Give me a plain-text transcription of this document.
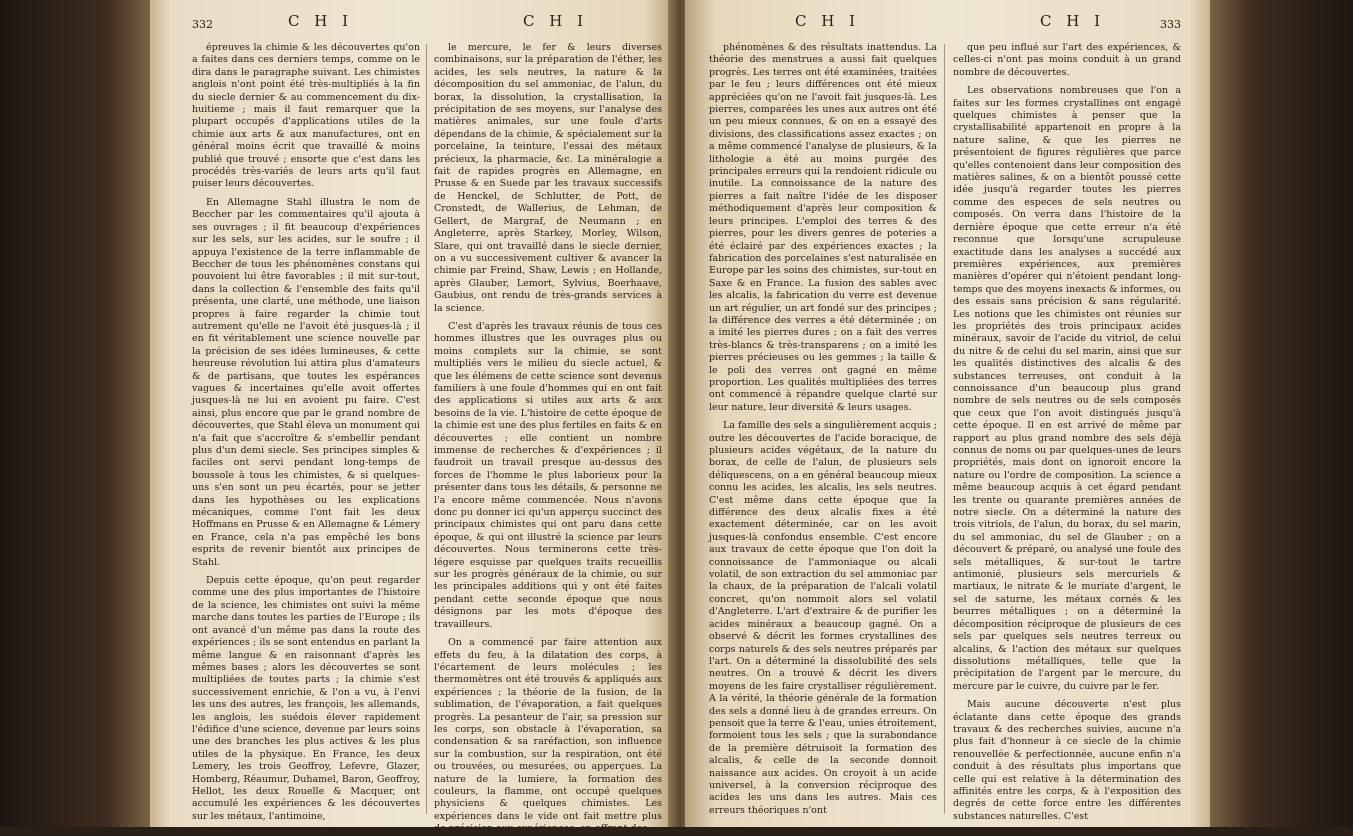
332	C H I	C H I

épreuves la chimie & les découvertes qu'on a faites dans ces derniers temps, comme on le dira dans le paragraphe suivant. Les chimistes anglois n'ont point été très-multipliés à la fin du siecle dernier & au commencement du dix-huitieme ; mais il faut remarquer que la plupart occupés d'applications utiles de la chimie aux arts & aux manufactures, ont en général moins écrit que travaillé & moins publié que trouvé ; ensorte que c'est dans les procédés très-variés de leurs arts qu'il faut puiser leurs découvertes.

En Allemagne Stahl illustra le nom de Beccher par les commentaires qu'il ajouta à ses ouvrages ; il fit beaucoup d'expériences sur les sels, sur les acides, sur le soufre ; il appuya l'existence de la terre inflammable de Beccher de tous les phénomènes constans qui pouvoient lui être favorables ; il mit sur-tout, dans la collection & l'ensemble des faits qu'il présenta, une clarté, une méthode, une liaison propres à faire regarder la chimie tout autrement qu'elle ne l'avoit été jusques-là ; il en fit véritablement une science nouvelle par la précision de ses idées lumineuses, & cette heureuse révolution lui attira plus d'amateurs & de partisans, que toutes les espérances vagues & incertaines qu'elle avoit offertes jusques-là ne lui en avoient pu faire. C'est ainsi, plus encore que par le grand nombre de découvertes, que Stahl éleva un monument qui n'a fait que s'accroître & s'embellir pendant plus d'un demi siecle. Ses principes simples & faciles ont servi pendant long-temps de boussole à tous les chimistes, & si quelques-uns s'en sont un peu écartés, pour se jetter dans les hypothèses ou les explications mécaniques, comme l'ont fait les deux Hoffmans en Prusse & en Allemagne & Lémery en France, cela n'a pas empêché les bons esprits de revenir bientôt aux principes de Stahl.

Depuis cette époque, qu'on peut regarder comme une des plus importantes de l'histoire de la science, les chimistes ont suivi la même marche dans toutes les parties de l'Europe ; ils ont avancé d'un même pas dans la route des expériences ; ils se sont entendus en parlant la même langue & en raisonnant d'après les mêmes bases ; alors les découvertes se sont multipliées de toutes parts ; la chimie s'est successivement enrichie, & l'on a vu, à l'envi les uns des autres, les françois, les allemands, les anglois, les suédois élever rapidement l'édifice d'une science, devenue par leurs soins une des branches les plus actives & les plus utiles de la physique. En France, les deux Lemery, les trois Geoffroy, Lefevre, Glazer, Homberg, Réaumur, Duhamel, Baron, Geoffroy, Hellot, les deux Rouelle & Macquer, ont accumulé les expériences & les découvertes sur les métaux, l'antimoine,

le mercure, le fer & leurs diverses combinaisons, sur la préparation de l'éther, les acides, les sels neutres, la nature & la décomposition du sel ammoniac, de l'alun, du borax, la dissolution, la crystallisation, la précipitation de ses moyens, sur l'analyse des matières animales, sur une foule d'arts dépendans de la chimie, & spécialement sur la porcelaine, la teinture, l'essai des métaux précieux, la pharmacie, &c. La minéralogie a fait de rapides progrès en Allemagne, en Prusse & en Suede par les travaux successifs de Henckel, de Schlutter, de Pott, de Cronstedt, de Wallerius, de Lehman, de Gellert, de Margraf, de Neumann ; en Angleterre, après Starkey, Morley, Wilson, Slare, qui ont travaillé dans le siecle dernier, on a vu successivement cultiver & avancer la chimie par Freind, Shaw, Lewis ; en Hollande, après Glauber, Lemort, Sylvius, Boerhaave, Gaubius, ont rendu de très-grands services à la science.

C'est d'après les travaux réunis de tous ces hommes illustres que les ouvrages plus ou moins complets sur la chimie, se sont multipliés vers le milieu du siecle actuel, & que les élémens de cette science sont devenus familiers à une foule d'hommes qui en ont fait des applications si utiles aux arts & aux besoins de la vie. L'histoire de cette époque de la chimie est une des plus fertiles en faits & en découvertes ; elle contient un nombre immense de recherches & d'expériences ; il faudroit un travail presque au-dessus des forces de l'homme le plus laborieux pour la présenter dans tous les détails, & personne ne l'a encore même commencée. Nous n'avons donc pu donner ici qu'un apperçu succinct des principaux chimistes qui ont paru dans cette époque, & qui ont illustré la science par leurs découvertes. Nous terminerons cette très-légere esquisse par quelques traits recueillis sur les progrès généraux de la chimie, ou sur les principales additions qui y ont été faites pendant cette seconde époque que nous désignons par les mots d'époque des travailleurs.

On a commencé par faire attention aux effets du feu, à la dilatation des corps, à l'écartement de leurs molécules ; les thermomètres ont été trouvés & appliqués aux expériences ; la théorie de la fusion, de la sublimation, de l'évaporation, a fait quelques progrès. La pesanteur de l'air, sa pression sur les corps, son obstacle à l'évaporation, sa condensation & sa raréfaction, son influence sur la combustion, sur la respiration, ont été ou trouvées, ou mesurées, ou apperçues. La nature de la lumiere, la formation des couleurs, la flamme, ont occupé quelques physiciens & quelques chimistes. Les expériences dans le vide ont fait mettre plus de précision aux expériences, en offrant des

C H I	C H I	333

phénomènes & des résultats inattendus. La théorie des menstrues a aussi fait quelques progrès. Les terres ont été examinées, traitées par le feu ; leurs différences ont été mieux appréciées qu'on ne l'avoit fait jusques-là. Les pierres, comparées les unes aux autres ont été un peu mieux connues, & on en a essayé des divisions, des classifications assez exactes ; on a même commencé l'analyse de plusieurs, & la lithologie a été au moins purgée des principales erreurs qui la rendoient ridicule ou inutile. La connoissance de la nature des pierres a fait naître l'idée de les disposer méthodiquement d'après leur composition & leurs principes. L'emploi des terres & des pierres, pour les divers genres de poteries a été éclairé par des expériences exactes ; la fabrication des porcelaines s'est naturalisée en Europe par les soins des chimistes, sur-tout en Saxe & en France. La fusion des sables avec les alcalis, la fabrication du verre est devenue un art régulier, un art fondé sur des principes ; la différence des verres a été déterminée ; on a imité les pierres dures ; on a fait des verres très-blancs & très-transparens ; on a imité les pierres précieuses ou les gemmes ; la taille & le poli des verres ont gagné en même proportion. Les qualités multipliées des terres ont commencé à répandre quelque clarté sur leur nature, leur diversité & leurs usages.

La famille des sels a singulièrement acquis ; outre les découvertes de l'acide boracique, de plusieurs acides végétaux, de la nature du borax, de celle de l'alun, de plusieurs sels déliquescens, on a en général beaucoup mieux connu les acides, les alcalis, les sels neutres. C'est même dans cette époque que la différence des deux alcalis fixes a été exactement déterminée, car on les avoit jusques-là confondus ensemble. C'est encore aux travaux de cette époque que l'on doit la connoissance de l'ammoniaque ou alcali volatil, de son extraction du sel ammoniac par la chaux, de la préparation de l'alcali volatil concret, qu'on nommoit alors sel volatil d'Angleterre. L'art d'extraire & de purifier les acides minéraux a beaucoup gagné. On a observé & décrit les formes crystallines des corps naturels & des sels neutres préparés par l'art. On a déterminé la dissolubilité des sels neutres. On a trouvé & décrit les divers moyens de les faire crystalliser régulièrement. A la vérité, la théorie générale de la formation des sels a donné lieu à de grandes erreurs. On pensoit que la terre & l'eau, unies étroitement, formoient tous les sels ; que la surabondance de la première détruisoit la formation des alcalis, & celle de la seconde donnoit naissance aux acides. On croyoit à un acide universel, à la conversion réciproque des acides les uns dans les autres. Mais ces erreurs théoriques n'ont

que peu influé sur l'art des expériences, & celles-ci n'ont pas moins conduit à un grand nombre de découvertes.

Les observations nombreuses que l'on a faites sur les formes crystallines ont engagé quelques chimistes à penser que la crystallisabilité appartenoit en propre à la nature saline, & que les pierres ne présentoient de figures régulières que parce qu'elles contenoient dans leur composition des matières salines, & on a bientôt poussé cette idée jusqu'à regarder toutes les pierres comme des especes de sels neutres ou composés. On verra dans l'histoire de la dernière époque que cette erreur n'a été reconnue que lorsqu'une scrupuleuse exactitude dans les analyses a succédé aux premières expériences, aux premières manières d'opérer qui n'étoient pendant long-temps que des moyens inexacts & informes, ou des essais sans précision & sans régularité. Les notions que les chimistes ont réunies sur les propriétés des trois principaux acides minéraux, savoir de l'acide du vitriol, de celui du nitre & de celui du sel marin, ainsi que sur les qualités distinctives des alcalis & des substances terreuses, ont conduit à la connoissance d'un beaucoup plus grand nombre de sels neutres ou de sels composés que ceux que l'on avoit distingués jusqu'à cette époque. Il en est arrivé de même par rapport au plus grand nombre des sels déjà connus de noms ou par quelques-unes de leurs propriétés, mais dont on ignoroit encore la nature ou l'ordre de composition. La science a même beaucoup acquis à cet égard pendant les trente ou quarante premières années de notre siecle. On a déterminé la nature des trois vitriols, de l'alun, du borax, du sel marin, du sel ammoniac, du sel de Glauber ; on a découvert & préparé, ou analysé une foule des sels métalliques, & sur-tout le tartre antimonié, plusieurs sels mercuriels & martiaux, le nitrate & le muriate d'argent, le sel de saturne, les métaux cornés & les beurres métalliques ; on a déterminé la décomposition réciproque de plusieurs de ces sels par quelques sels neutres terreux ou alcalins, & l'action des métaux sur quelques dissolutions métalliques, telle que la précipitation de l'argent par le mercure, du mercure par le cuivre, du cuivre par le fer.

Mais aucune découverte n'est plus éclatante dans cette époque des grands travaux & des recherches suivies, aucune n'a plus fait d'honneur à ce siecle de la chimie renouvellée & perfectionnée, aucune enfin n'a conduit à des résultats plus importans que celle qui est relative à la détermination des affinités entre les corps, & à l'exposition des degrés de cette force entre les différentes substances naturelles. C'est
